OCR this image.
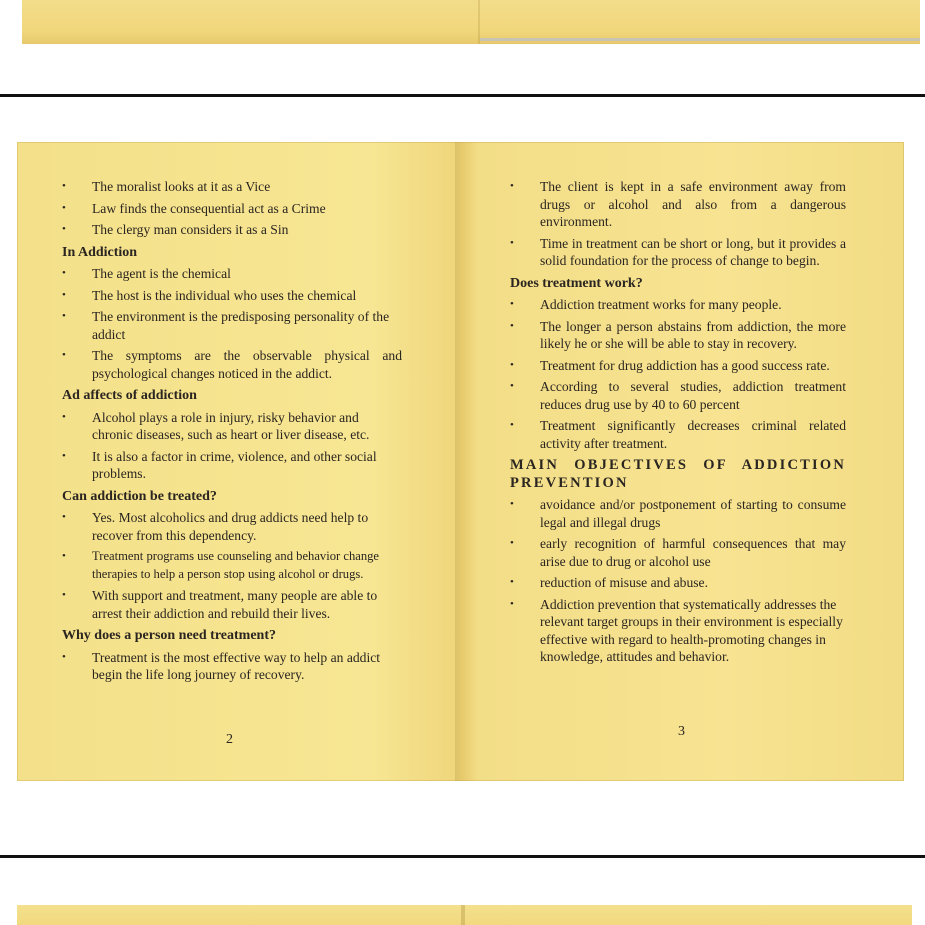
• The moralist looks at it as a Vice
• Law finds the consequential act as a Crime
• The clergy man considers it as a Sin
In Addiction
• The agent is the chemical
• The host is the individual who uses the chemical
• The environment is the predisposing personality of the addict
• The symptoms are the observable physical and psychological changes noticed in the addict.
Ad affects of addiction
• Alcohol plays a role in injury, risky behavior and chronic diseases, such as heart or liver disease, etc.
• It is also a factor in crime, violence, and other social problems.
Can addiction be treated?
• Yes. Most alcoholics and drug addicts need help to recover from this dependency.
• Treatment programs use counseling and behavior change therapies to help a person stop using alcohol or drugs.
• With support and treatment, many people are able to arrest their addiction and rebuild their lives.
Why does a person need treatment?
• Treatment is the most effective way to help an addict begin the life long journey of recovery.
2
• The client is kept in a safe environment away from drugs or alcohol and also from a dangerous environment.
• Time in treatment can be short or long, but it provides a solid foundation for the process of change to begin.
Does treatment work?
• Addiction treatment works for many people.
• The longer a person abstains from addiction, the more likely he or she will be able to stay in recovery.
• Treatment for drug addiction has a good success rate.
• According to several studies, addiction treatment reduces drug use by 40 to 60 percent
• Treatment significantly decreases criminal related activity after treatment.
MAIN OBJECTIVES OF ADDICTION PREVENTION
• avoidance and/or postponement of starting to consume legal and illegal drugs
• early recognition of harmful consequences that may arise due to drug or alcohol use
• reduction of misuse and abuse.
• Addiction prevention that systematically addresses the relevant target groups in their environment is especially effective with regard to health-promoting changes in knowledge, attitudes and behavior.
3
